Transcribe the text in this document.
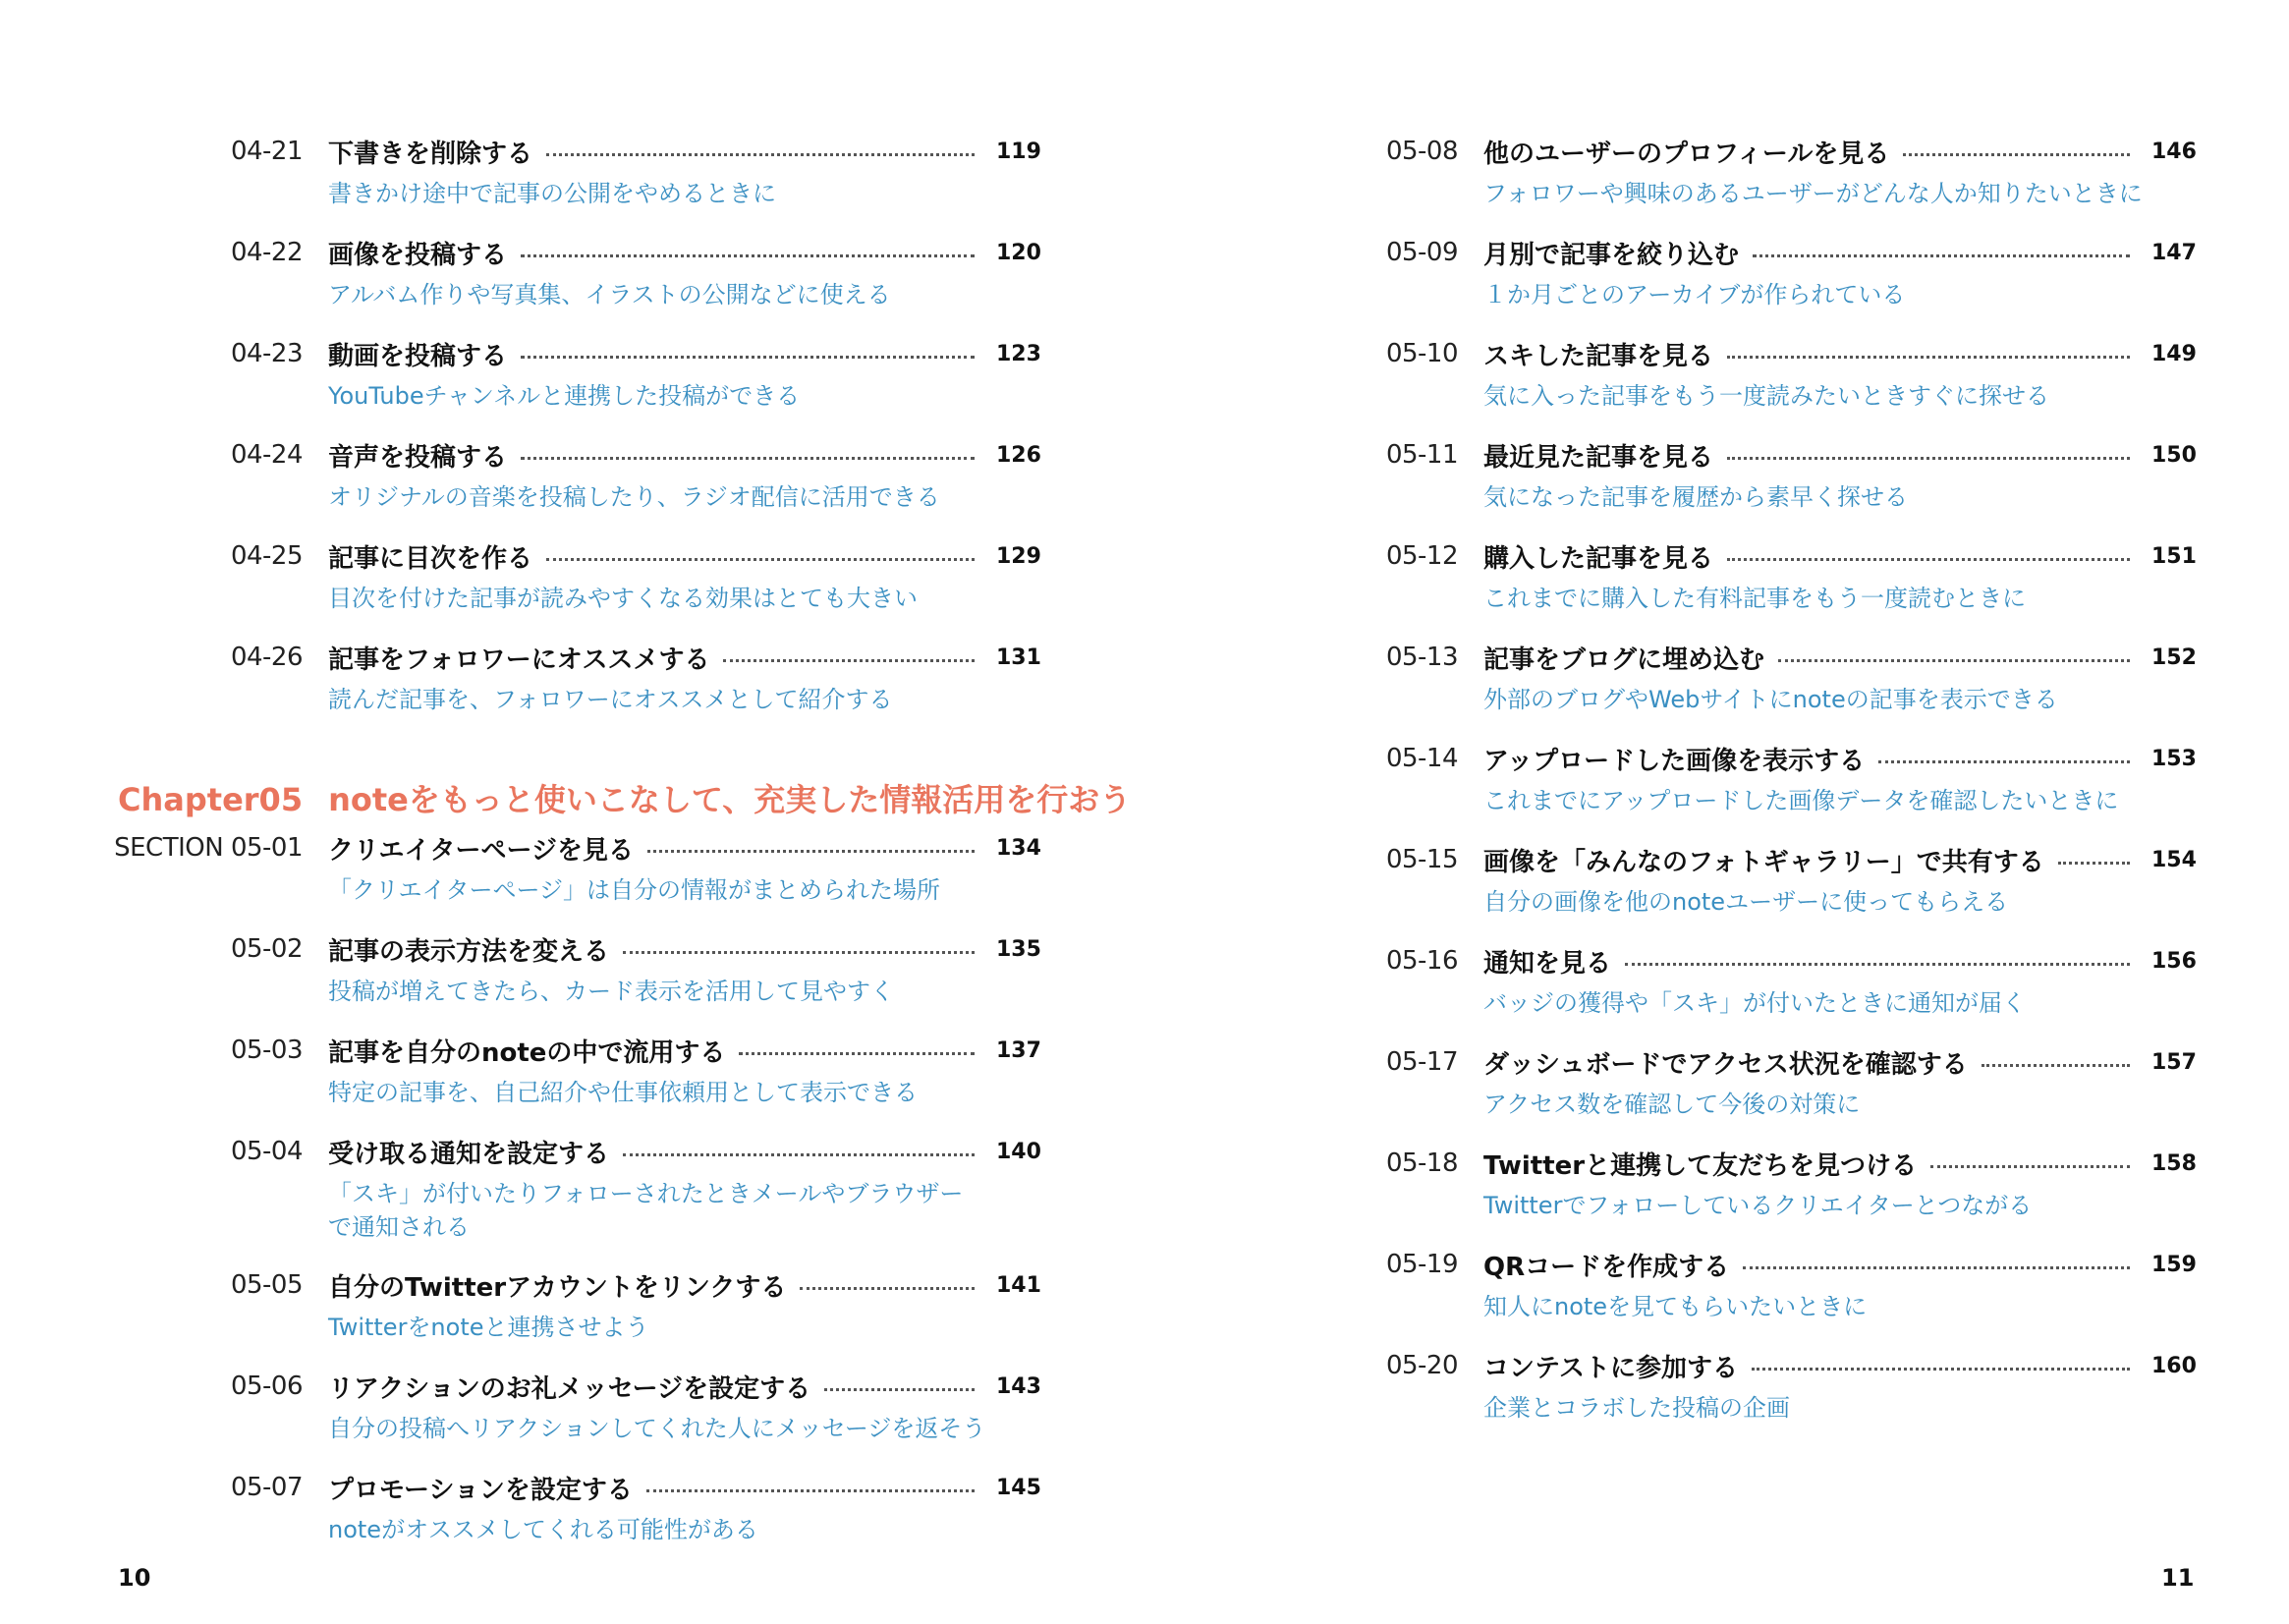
04-21 下書きを削除する	119
書きかけ途中で記事の公開をやめるときに
04-22 画像を投稿する	120
アルバム作りや写真集、イラストの公開などに使える
04-23 動画を投稿する	123
YouTubeチャンネルと連携した投稿ができる
04-24 音声を投稿する	126
オリジナルの音楽を投稿したり、ラジオ配信に活用できる
04-25 記事に目次を作る	129
目次を付けた記事が読みやすくなる効果はとても大きい
04-26 記事をフォロワーにオススメする	131
読んだ記事を、フォロワーにオススメとして紹介する
Chapter05 noteをもっと使いこなして、充実した情報活用を行おう
SECTION 05-01 クリエイターページを見る	134
「クリエイターページ」は自分の情報がまとめられた場所
05-02 記事の表示方法を変える	135
投稿が増えてきたら、カード表示を活用して見やすく
05-03 記事を自分のnoteの中で流用する	137
特定の記事を、自己紹介や仕事依頼用として表示できる
05-04 受け取る通知を設定する	140
「スキ」が付いたりフォローされたときメールやブラウザーで通知される
05-05 自分のTwitterアカウントをリンクする	141
Twitterをnoteと連携させよう
05-06 リアクションのお礼メッセージを設定する	143
自分の投稿へリアクションしてくれた人にメッセージを返そう
05-07 プロモーションを設定する	145
noteがオススメしてくれる可能性がある
10
05-08 他のユーザーのプロフィールを見る	146
フォロワーや興味のあるユーザーがどんな人か知りたいときに
05-09 月別で記事を絞り込む	147
１か月ごとのアーカイブが作られている
05-10 スキした記事を見る	149
気に入った記事をもう一度読みたいときすぐに探せる
05-11 最近見た記事を見る	150
気になった記事を履歴から素早く探せる
05-12 購入した記事を見る	151
これまでに購入した有料記事をもう一度読むときに
05-13 記事をブログに埋め込む	152
外部のブログやWebサイトにnoteの記事を表示できる
05-14 アップロードした画像を表示する	153
これまでにアップロードした画像データを確認したいときに
05-15 画像を「みんなのフォトギャラリー」で共有する	154
自分の画像を他のnoteユーザーに使ってもらえる
05-16 通知を見る	156
バッジの獲得や「スキ」が付いたときに通知が届く
05-17 ダッシュボードでアクセス状況を確認する	157
アクセス数を確認して今後の対策に
05-18 Twitterと連携して友だちを見つける	158
Twitterでフォローしているクリエイターとつながる
05-19 QRコードを作成する	159
知人にnoteを見てもらいたいときに
05-20 コンテストに参加する	160
企業とコラボした投稿の企画
11
